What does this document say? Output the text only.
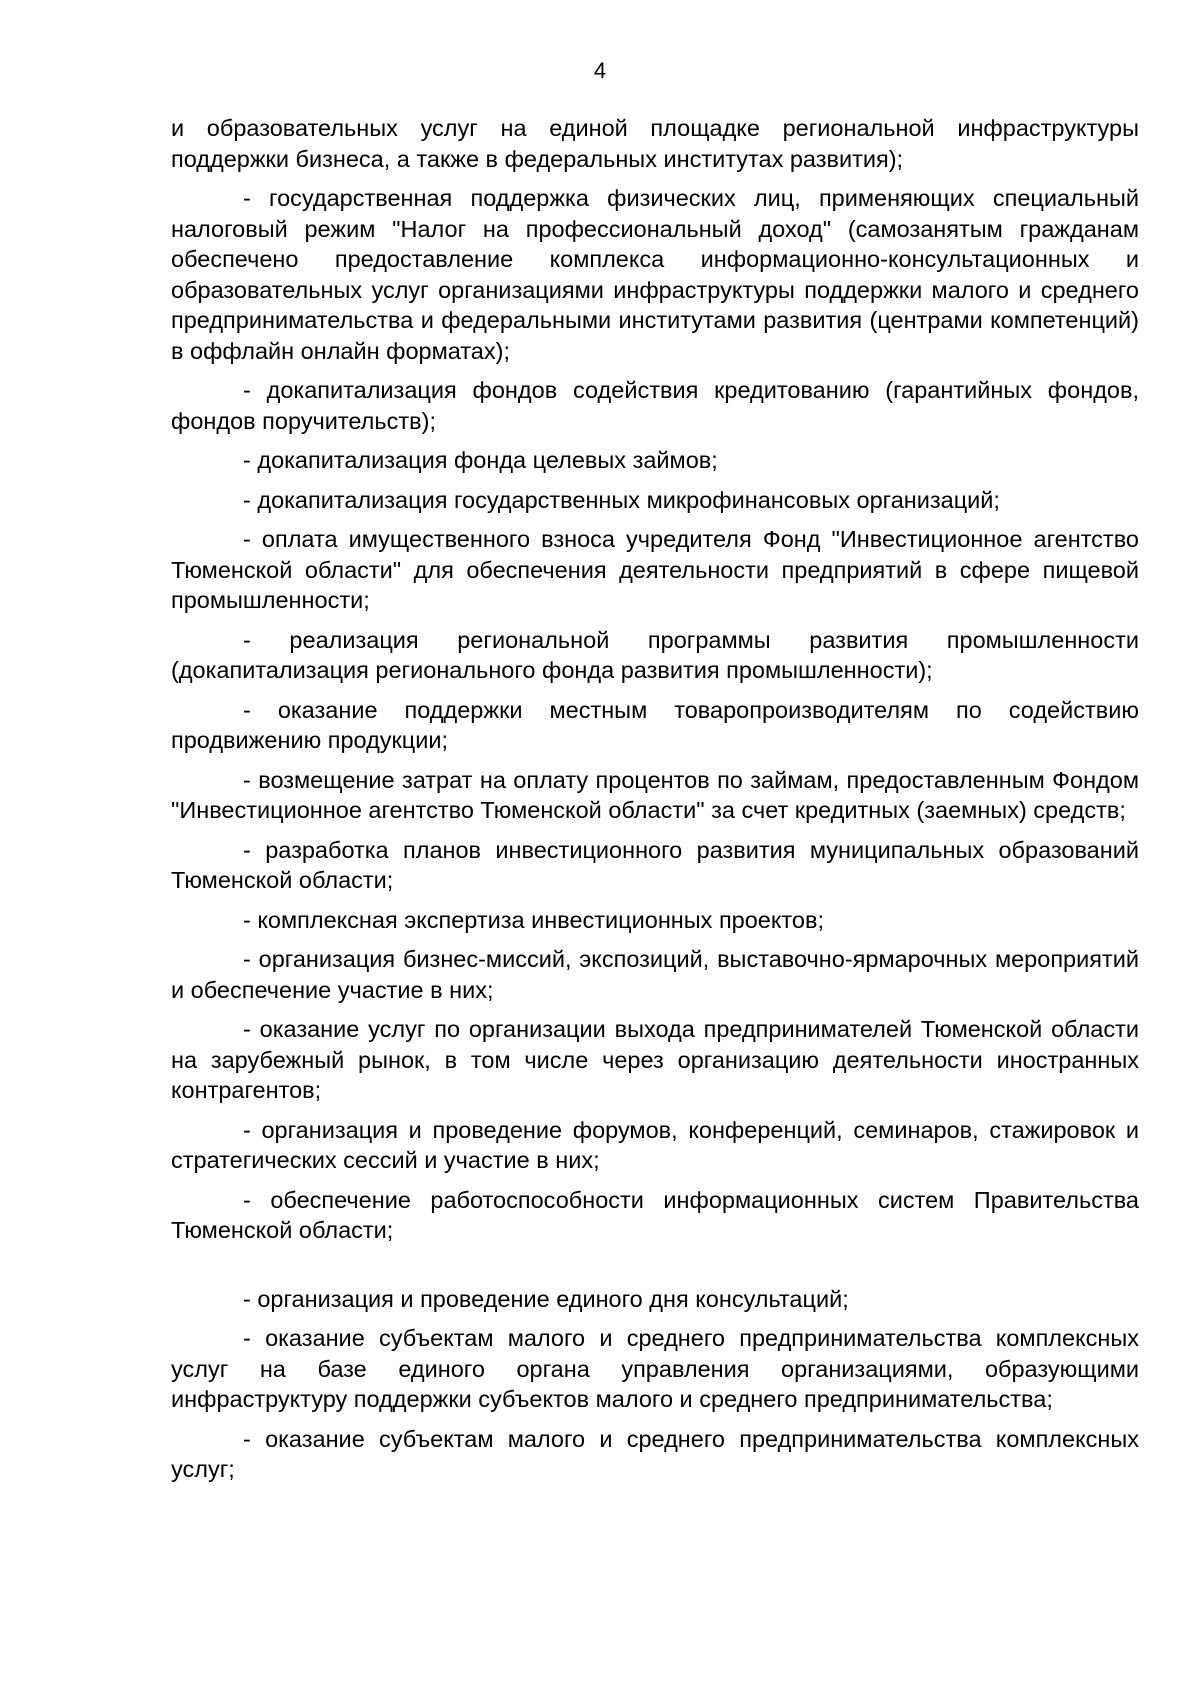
4

и образовательных услуг на единой площадке региональной инфраструктуры поддержки бизнеса, а также в федеральных институтах развития);

- государственная поддержка физических лиц, применяющих специальный налоговый режим "Налог на профессиональный доход" (самозанятым гражданам обеспечено предоставление комплекса информационно-консультационных и образовательных услуг организациями инфраструктуры поддержки малого и среднего предпринимательства и федеральными институтами развития (центрами компетенций) в оффлайн онлайн форматах);

- докапитализация фондов содействия кредитованию (гарантийных фондов, фондов поручительств);

- докапитализация фонда целевых займов;

- докапитализация государственных микрофинансовых организаций;

- оплата имущественного взноса учредителя Фонд "Инвестиционное агентство Тюменской области" для обеспечения деятельности предприятий в сфере пищевой промышленности;

- реализация региональной программы развития промышленности (докапитализация регионального фонда развития промышленности);

- оказание поддержки местным товаропроизводителям по содействию продвижению продукции;

- возмещение затрат на оплату процентов по займам, предоставленным Фондом "Инвестиционное агентство Тюменской области" за счет кредитных (заемных) средств;

- разработка планов инвестиционного развития муниципальных образований Тюменской области;

- комплексная экспертиза инвестиционных проектов;

- организация бизнес-миссий, экспозиций, выставочно-ярмарочных мероприятий и обеспечение участие в них;

- оказание услуг по организации выхода предпринимателей Тюменской области на зарубежный рынок, в том числе через организацию деятельности иностранных контрагентов;

- организация и проведение форумов, конференций, семинаров, стажировок и стратегических сессий и участие в них;

- обеспечение работоспособности информационных систем Правительства Тюменской области;

- организация и проведение единого дня консультаций;

- оказание субъектам малого и среднего предпринимательства комплексных услуг на базе единого органа управления организациями, образующими инфраструктуру поддержки субъектов малого и среднего предпринимательства;

- оказание субъектам малого и среднего предпринимательства комплексных услуг;
